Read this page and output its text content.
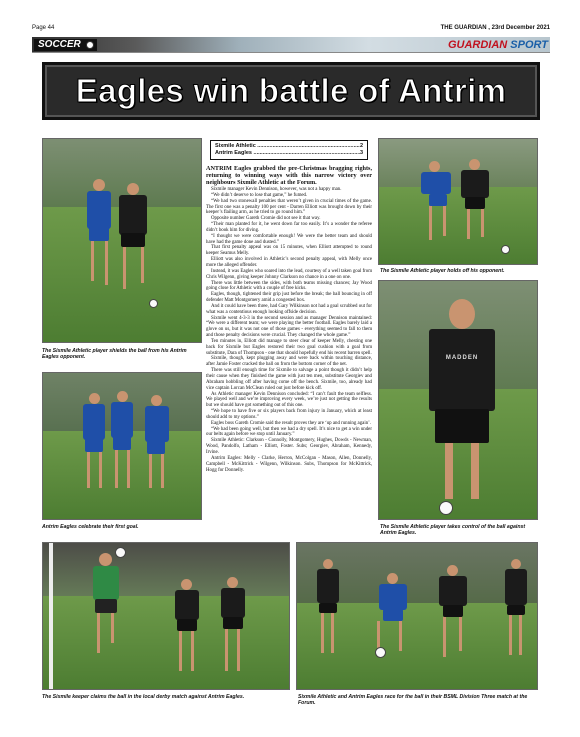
Page 44	THE GUARDIAN , 23rd December 2021
SOCCER	GUARDIAN SPORT
Eagles win battle of Antrim
The Sixmile Athletic player shields the ball from his Antrim Eagles opponent.
Antrim Eagles celebrate their first goal.
Sixmile Athletic .....	2
Antrim Eagles .....	3
ANTRIM Eagles grabbed the pre-Christmas bragging rights, returning to winning ways with this narrow victory over neighbours Sixmile Athletic at the Forum.

Sixmile manager Kevin Dennison, however, was not a happy man.

“We didn’t deserve to lose that game,” he fumed.

“We had two stonewall penalties that weren’t given in crucial times of the game. The first one was a penalty 100 per cent - Darren Elliott was brought down by their keeper’s flailing arm, as he tried to go round him.”

Opposite number Gareth Cromie did not see it that way.

“Their man planted for it, he went down far too easily. It’s a wonder the referee didn’t book him for diving.

“I thought we were comfortable enough! We were the better team and should have had the game done and dusted.”

That first penalty appeal was on 15 minutes, when Elliott attempted to round keeper Seamus Melly.

Elliott was also involved in Athletic’s second penalty appeal, with Melly once more the alleged offender.

Instead, it was Eagles who soared into the lead, courtesy of a well taken goal from Chris Wilgenn, giving keeper Johnny Clarkson no chance in a one on one.

There was little between the sides, with both teams missing chances; Jay Wood going close for Athletic with a couple of free kicks.

Eagles, though, tightened their grip just before the break; the ball bouncing in off defender Matt Montgomery amid a congested box.

And it could have been three, had Gary Wilkinson not had a goal scrubbed out for what was a contentious enough looking offside decision.

Sixmile went 4-3-3 in the second session and as manager Dennison maintained: “We were a different team; we were playing the better football. Eagles barely laid a glove on us, but it was not one of those games - everything seemed to fall to them and those penalty decisions were crucial. They changed the whole game.”

Ten minutes in, Elliott did manage to steer clear of keeper Melly, chesting one back for Sixmile but Eagles restored their two goal cushion with a goal from substitute, Dara of Thompson - one that should hopefully end his recent barren spell.

Sixmile, though, kept plugging away and were back within touching distance, after Jamie Foster cracked the ball on from the bottom corner of the net.

There was still enough time for Sixmile to salvage a point though it didn’t help their cause when they finished the game with just ten men, substitute Georgiev and Abraham hobbling off after having come off the bench. Sixmile, too, already had vice captain Lorcan McClean ruled out just before kick off.

As Athletic manager Kevin Dennison concluded: “I can’t fault the team selfless. We played well and we’re improving every week, we’re just not getting the results but we should have got something out of this one.

“We hope to have five or six players back from injury in January, which at least should add to my options.”

Eagles boss Gareth Cromie said the result proves they are ‘up and running again’.

“We had been going well, but then we had a dry spell. It’s nice to get a win under our belts again before we stop until January.”

Sixmile Athletic: Clarkson - Connolly, Montgomery, Hughes, Dowds - Newman, Wood, Pandolfo, Latham - Elliott, Foster. Subs; Georgiev, Abraham, Kennedy, Irvine.

Antrim Eagles: Melly - Clarke, Herron, McColgan - Mason, Allen, Donnelly, Campbell - McKittrick - Wilgenn, Wilkinson. Subs, Thompson for McKittrick, Hogg for Donnelly.

The Sixmile Athletic player holds off his opponent.
MADDEN
The Sixmile Athletic player takes control of the ball against Antrim Eagles.
The Sixmile keeper claims the ball in the local derby match against Antrim Eagles.	Sixmile Athletic and Antrim Eagles race for the ball in their BSML Division Three match at the Forum.
